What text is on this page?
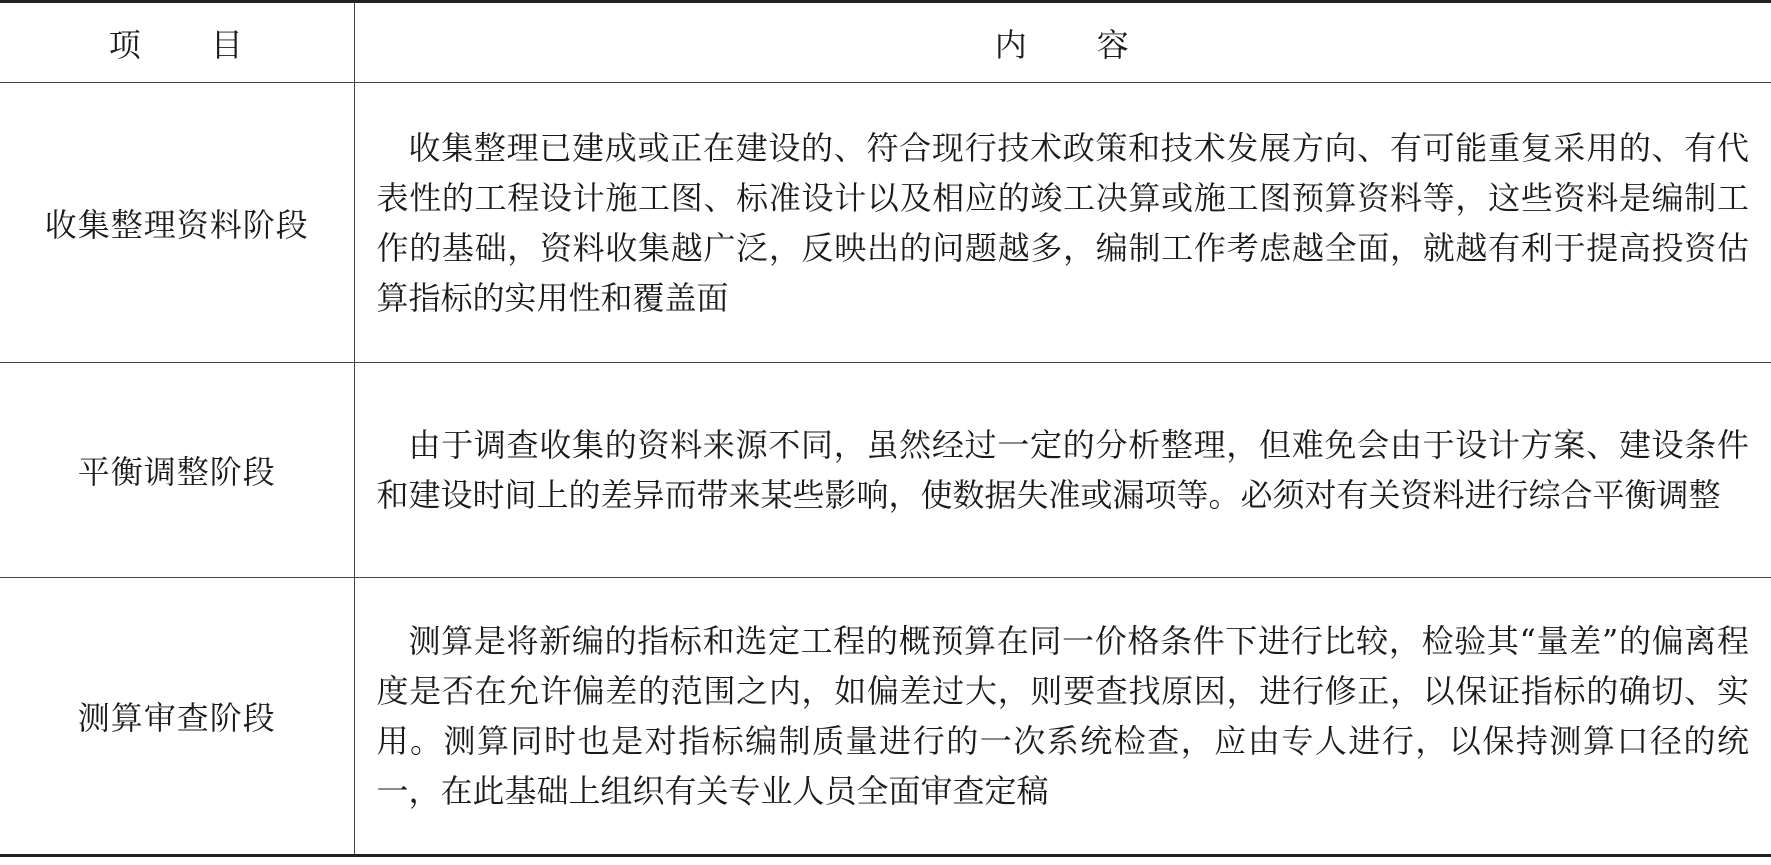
项　　目	内　　容
收集整理资料阶段	收集整理已建成或正在建设的、符合现行技术政策和技术发展方向、有可能重复采用的、有代表性的工程设计施工图、标准设计以及相应的竣工决算或施工图预算资料等，这些资料是编制工作的基础，资料收集越广泛，反映出的问题越多，编制工作考虑越全面，就越有利于提高投资估算指标的实用性和覆盖面

平衡调整阶段	由于调查收集的资料来源不同，虽然经过一定的分析整理，但难免会由于设计方案、建设条件和建设时间上的差异而带来某些影响，使数据失准或漏项等。必须对有关资料进行综合平衡调整

测算审查阶段	测算是将新编的指标和选定工程的概预算在同一价格条件下进行比较，检验其“量差”的偏离程度是否在允许偏差的范围之内，如偏差过大，则要查找原因，进行修正，以保证指标的确切、实用。测算同时也是对指标编制质量进行的一次系统检查，应由专人进行，以保持测算口径的统一，在此基础上组织有关专业人员全面审查定稿
